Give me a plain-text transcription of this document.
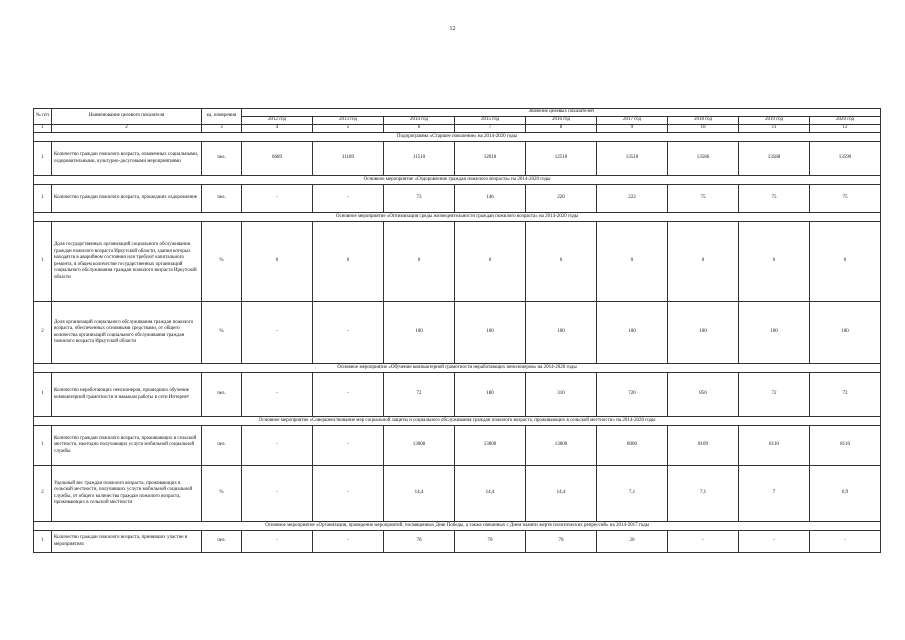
12
№ п/п	Наименование целевого показателя	ед. измерения	Значение целевых показателей								
			2012 год	2013 год	2014 год	2015 год	2016 год	2017 год	2018 год	2019 год	2020 год
1	2	3	4	5	6	7	8	9	10	11	12
Подпрограмма «Старшее поколение» на 2014-2020 годы											
1	Количество граждан пожилого возраста, охваченных социальными, оздоровительными, культурно-досуговыми мероприятиями	чел.	6689	11189	11510	12010	12510	13510	13586	13588	13590
Основное мероприятие «Оздоровление граждан пожилого возраста» на 2014-2020 годы											
1	Количество граждан пожилого возраста, прошедших оздоровление	чел.	-	-	73	146	220	222	75	75	75
Основное мероприятие «Оптимизация среды жизнедеятельности граждан пожилого возраста» на 2014-2020 годы											
1	Доля государственных организаций социального обслуживания граждан пожилого возраста Иркутской области, здания которых находятся в аварийном состоянии или требуют капитального ремонта, в общем количестве государственных организаций социального обслуживания граждан пожилого возраста Иркутской области	%	0	0	0	0	0	0	0	0	0
2	Доля организаций социального обслуживания граждан пожилого возраста, обеспеченных основными средствами, от общего количества организаций социального обслуживания граждан пожилого возраста Иркутской области	%	-	-	100	100	100	100	100	100	100
Основное мероприятие «Обучение компьютерной грамотности неработающих пенсионеров» на 2014-2020 годы											
1	Количество неработающих пенсионеров, прошедших обучение компьютерной грамотности и навыкам работы в сети Интернет	чел.	-	-	72	180	310	720	850	72	72
Основное мероприятие «Совершенствование мер социальной защиты и социального обслуживания граждан пожилого возраста, проживающих в сельской местности» на 2014-2020 годы											
1	Количество граждан пожилого возраста, проживающих в сельской местности, ежегодно получающих услуги мобильной социальной службы	чел.	-	-	13000	13000	13000	8000	8109	8110	8110
2	Удельный вес граждан пожилого возраста, проживающих в сельской местности, получивших услуги мобильной социальной службы, от общего количества граждан пожилого возраста, проживающих в сельской местности	%	-	-	14,4	14,4	14,4	7,1	7,1	7	6,9
Основное мероприятие «Организация, проведение мероприятий, посвященных Дню Победы, а также связанных с Днем памяти жертв политических репрессий» на 2014-2017 годы											
1	Количество граждан пожилого возраста, принявших участие в мероприятиях	чел.	-	-	70	70	70	20	-	-	-
